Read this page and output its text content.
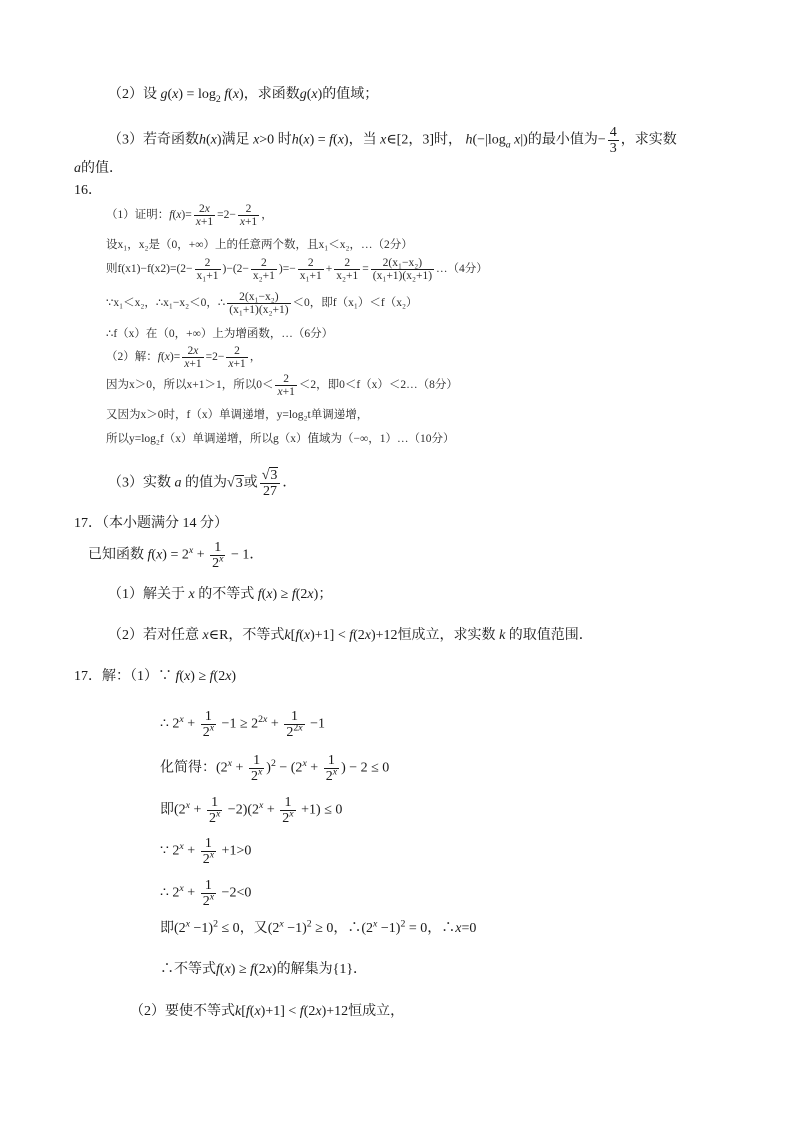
（2）设 $g(x) = \log_2 f(x)$，求函数g(x)的值域；
（3）若奇函数h(x)满足 x>0 时h(x) = f(x)，当 x∈[2，3]时， $h(-|\log_a$ x|)的最小值为− $\frac{4}{3}$ ，求实数
a的值．
16．
（1）证明：$f(x)= \frac{2x}{x+1} =2- \frac{2}{x+1}$ ，
设x₁，x₂是（0，+∞）上的任意两个数，且x₁＜x₂，…（2分）
则$f(x1)-f(x2)=(2- \frac{2}{\text{x₁+1}} )-(2- \frac{2}{\text{x₂+1}}$ )=− $\frac{2}{\text{x₁+1}} + \frac{2}{\text{x₂+1}} = \frac{\text{2(x₁−x₂)}}{\text{(x₁+1)(x₂+1)}}$ …（4分）
∵x₁＜x₂，∴x₁−x₂＜0，∴ $\frac{\text{2(x₁−x₂)}}{\text{(x₁+1)(x₂+1)}} <0$，即f（x₁）＜f（x₂）
∴f（x）在（0，+∞）上为增函数，…（6分）
（2）解：$f(x)= \frac{2x}{x+1} =2- \frac{2}{x+1}$ ，
因为x＞0，所以x+1＞1，所以$0< \frac{2}{x+1} <2$，即0＜f（x）＜2…（8分）
又因为x＞0时，f（x）单调递增，y=log₂t单调递增，
所以y=log₂f（x）单调递增，所以g（x）值域为（−∞，1）…（10分）
（3）实数 a 的值为√3或 $\frac{√3}{27}$ ．
17．（本小题满分 14 分）
已知函数 $f(x) = 2^x + \frac{1}{2^x} - 1$．
（1）解关于 x 的不等式 f(x) ≥ f(2x)；
（2）若对任意 x∈R，不等式k[f(x)+1] < f(2x)+12恒成立，求实数 k 的取值范围．
17．解：（1）∵ f(x) ≥ f(2x)
∴ $2^x + \frac{1}{2^x} -1 \ge 2^{2x} + \frac{1}{2^{2x}} -1$
化简得：$(2^x + \frac{1}{2^x} )^2 - (2^x + \frac{1}{2^x}$ ) − 2 ≤ 0
即$(2^x + \frac{1}{2^x} -2)(2^x + \frac{1}{2^x} +1) \le 0$
∵ $2^x + \frac{1}{2^x} +1>0$
∴ $2^x + \frac{1}{2^x} -2<0$
即$(2^x -1)^2 \le 0$，又$(2^x -1)^2 \ge 0$，$\therefore(2^x -1)^2 = 0$，∴x=0
∴不等式f(x) ≥ f(2x)的解集为{1}．
（2）要使不等式k[f(x)+1] < f(2x)+12恒成立，
